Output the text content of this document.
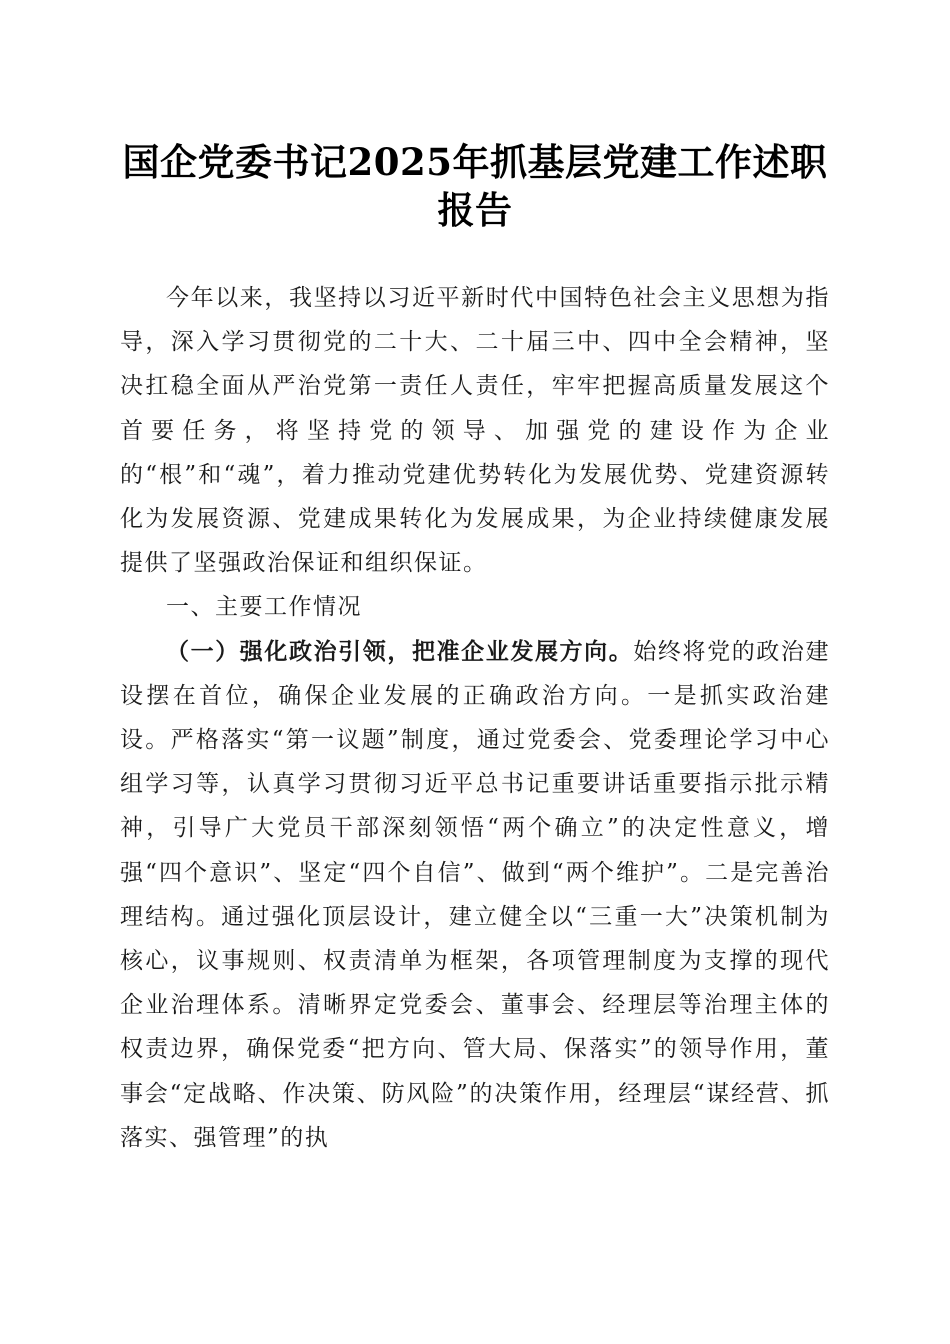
国企党委书记2025年抓基层党建工作述职报告

今年以来，我坚持以习近平新时代中国特色社会主义思想为指导，深入学习贯彻党的二十大、二十届三中、四中全会精神，坚决扛稳全面从严治党第一责任人责任，牢牢把握高质量发展这个首要任务，将坚持党的领导、加强党的建设作为企业的“根”和“魂”，着力推动党建优势转化为发展优势、党建资源转化为发展资源、党建成果转化为发展成果，为企业持续健康发展提供了坚强政治保证和组织保证。

一、主要工作情况

（一）强化政治引领，把准企业发展方向。始终将党的政治建设摆在首位，确保企业发展的正确政治方向。一是抓实政治建设。严格落实“第一议题”制度，通过党委会、党委理论学习中心组学习等，认真学习贯彻习近平总书记重要讲话重要指示批示精神，引导广大党员干部深刻领悟“两个确立”的决定性意义，增强“四个意识”、坚定“四个自信”、做到“两个维护”。二是完善治理结构。通过强化顶层设计，建立健全以“三重一大”决策机制为核心，议事规则、权责清单为框架，各项管理制度为支撑的现代企业治理体系。清晰界定党委会、董事会、经理层等治理主体的权责边界，确保党委“把方向、管大局、保落实”的领导作用，董事会“定战略、作决策、防风险”的决策作用，经理层“谋经营、抓落实、强管理”的执
